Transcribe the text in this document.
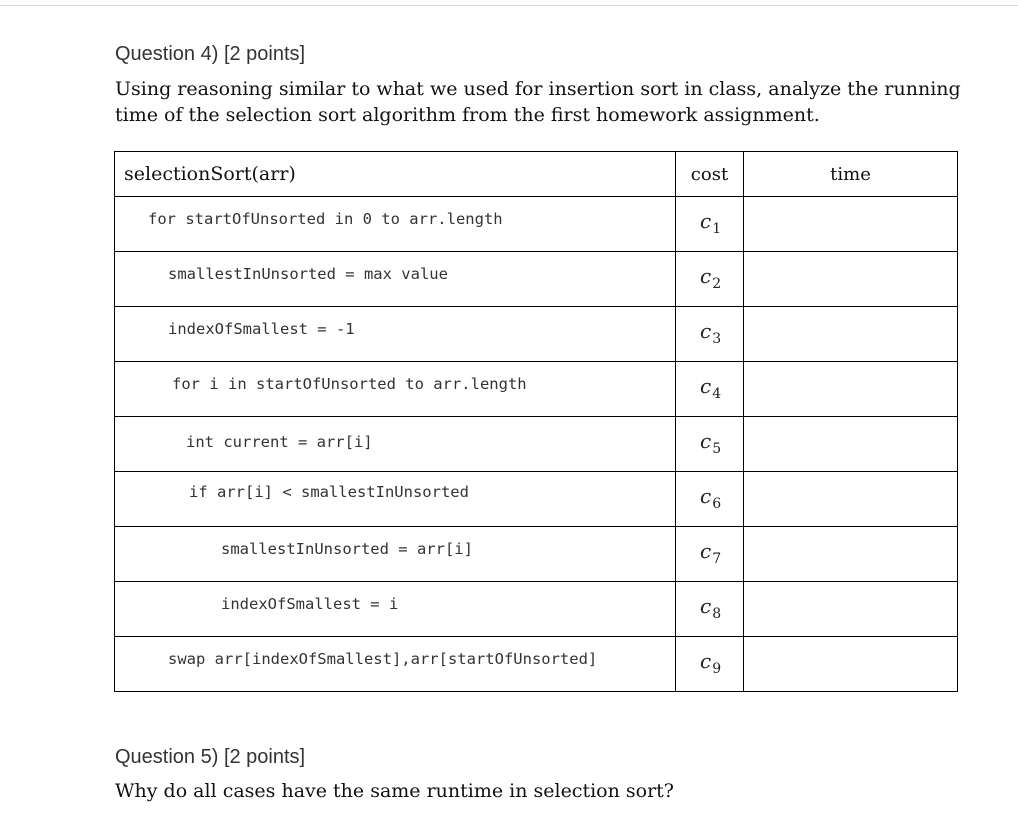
Question 4) [2 points]
Using reasoning similar to what we used for insertion sort in class, analyze the running
time of the selection sort algorithm from the first homework assignment.
selectionSort(arr)	cost	time

for startOfUnsorted in 0 to arr.length	$c_1$

smallestInUnsorted = max value	$c_2$

indexOfSmallest = -1	$c_3$

for i in startOfUnsorted to arr.length	$c_4$

int current = arr[i]	$c_5$

if arr[i] < smallestInUnsorted	$c_6$

smallestInUnsorted = arr[i]	$c_7$

indexOfSmallest = i	$c_8$

swap arr[indexOfSmallest],arr[startOfUnsorted]	$c_9$

Question 5) [2 points]
Why do all cases have the same runtime in selection sort?
